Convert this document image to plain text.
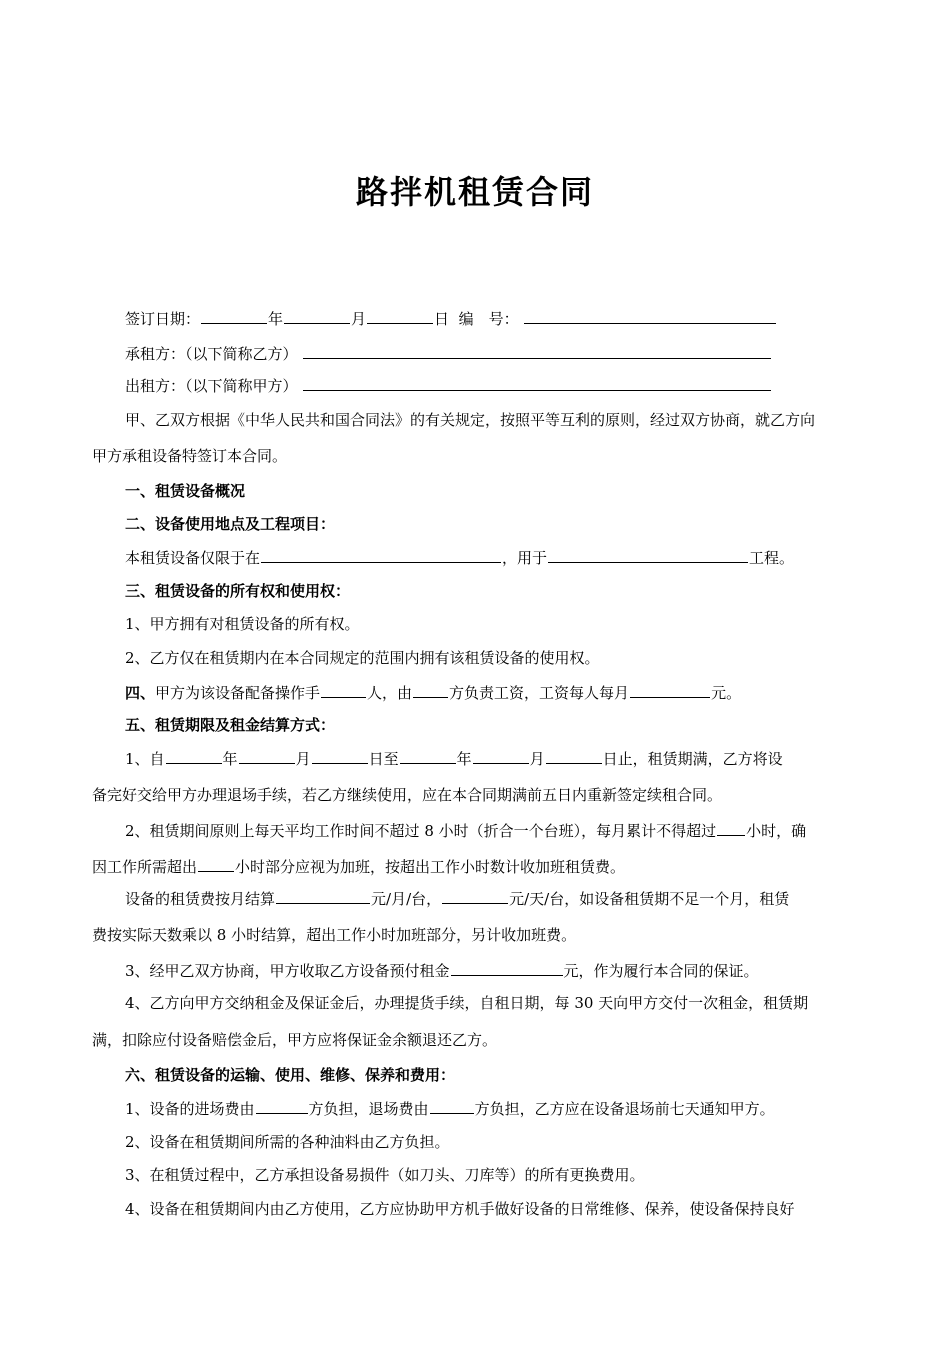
路拌机租赁合同
签订日期：	年	月	日 编　号：
承租方：（以下简称乙方）
出租方：（以下简称甲方）
甲、乙双方根据《中华人民共和国合同法》的有关规定，按照平等互利的原则，经过双方协商，就乙方向
甲方承租设备特签订本合同。
一、租赁设备概况
二、设备使用地点及工程项目：
本租赁设备仅限于在	，用于	工程。
三、租赁设备的所有权和使用权：
1、甲方拥有对租赁设备的所有权。
2、乙方仅在租赁期内在本合同规定的范围内拥有该租赁设备的使用权。
四、甲方为该设备配备操作手	人，由 方负责工资，工资每人每月	元。
五、租赁期限及租金结算方式：
1、自	年	月	日至	年	月	日止，租赁期满，乙方将设
备完好交给甲方办理退场手续，若乙方继续使用，应在本合同期满前五日内重新签定续租合同。
2、租赁期间原则上每天平均工作时间不超过 8 小时（折合一个台班），每月累计不得超过 小时，确
因工作所需超出	小时部分应视为加班，按超出工作小时数计收加班租赁费。
设备的租赁费按月结算	元/月/台，	元/天/台，如设备租赁期不足一个月，租赁
费按实际天数乘以 8 小时结算，超出工作小时加班部分，另计收加班费。
3、经甲乙双方协商，甲方收取乙方设备预付租金	元，作为履行本合同的保证。
4、乙方向甲方交纳租金及保证金后，办理提货手续，自租日期，每 30 天向甲方交付一次租金，租赁期
满，扣除应付设备赔偿金后，甲方应将保证金余额退还乙方。
六、租赁设备的运输、使用、维修、保养和费用：
1、设备的进场费由	方负担，退场费由	方负担，乙方应在设备退场前七天通知甲方。
2、设备在租赁期间所需的各种油料由乙方负担。
3、在租赁过程中，乙方承担设备易损件（如刀头、刀库等）的所有更换费用。
4、设备在租赁期间内由乙方使用，乙方应协助甲方机手做好设备的日常维修、保养，使设备保持良好
